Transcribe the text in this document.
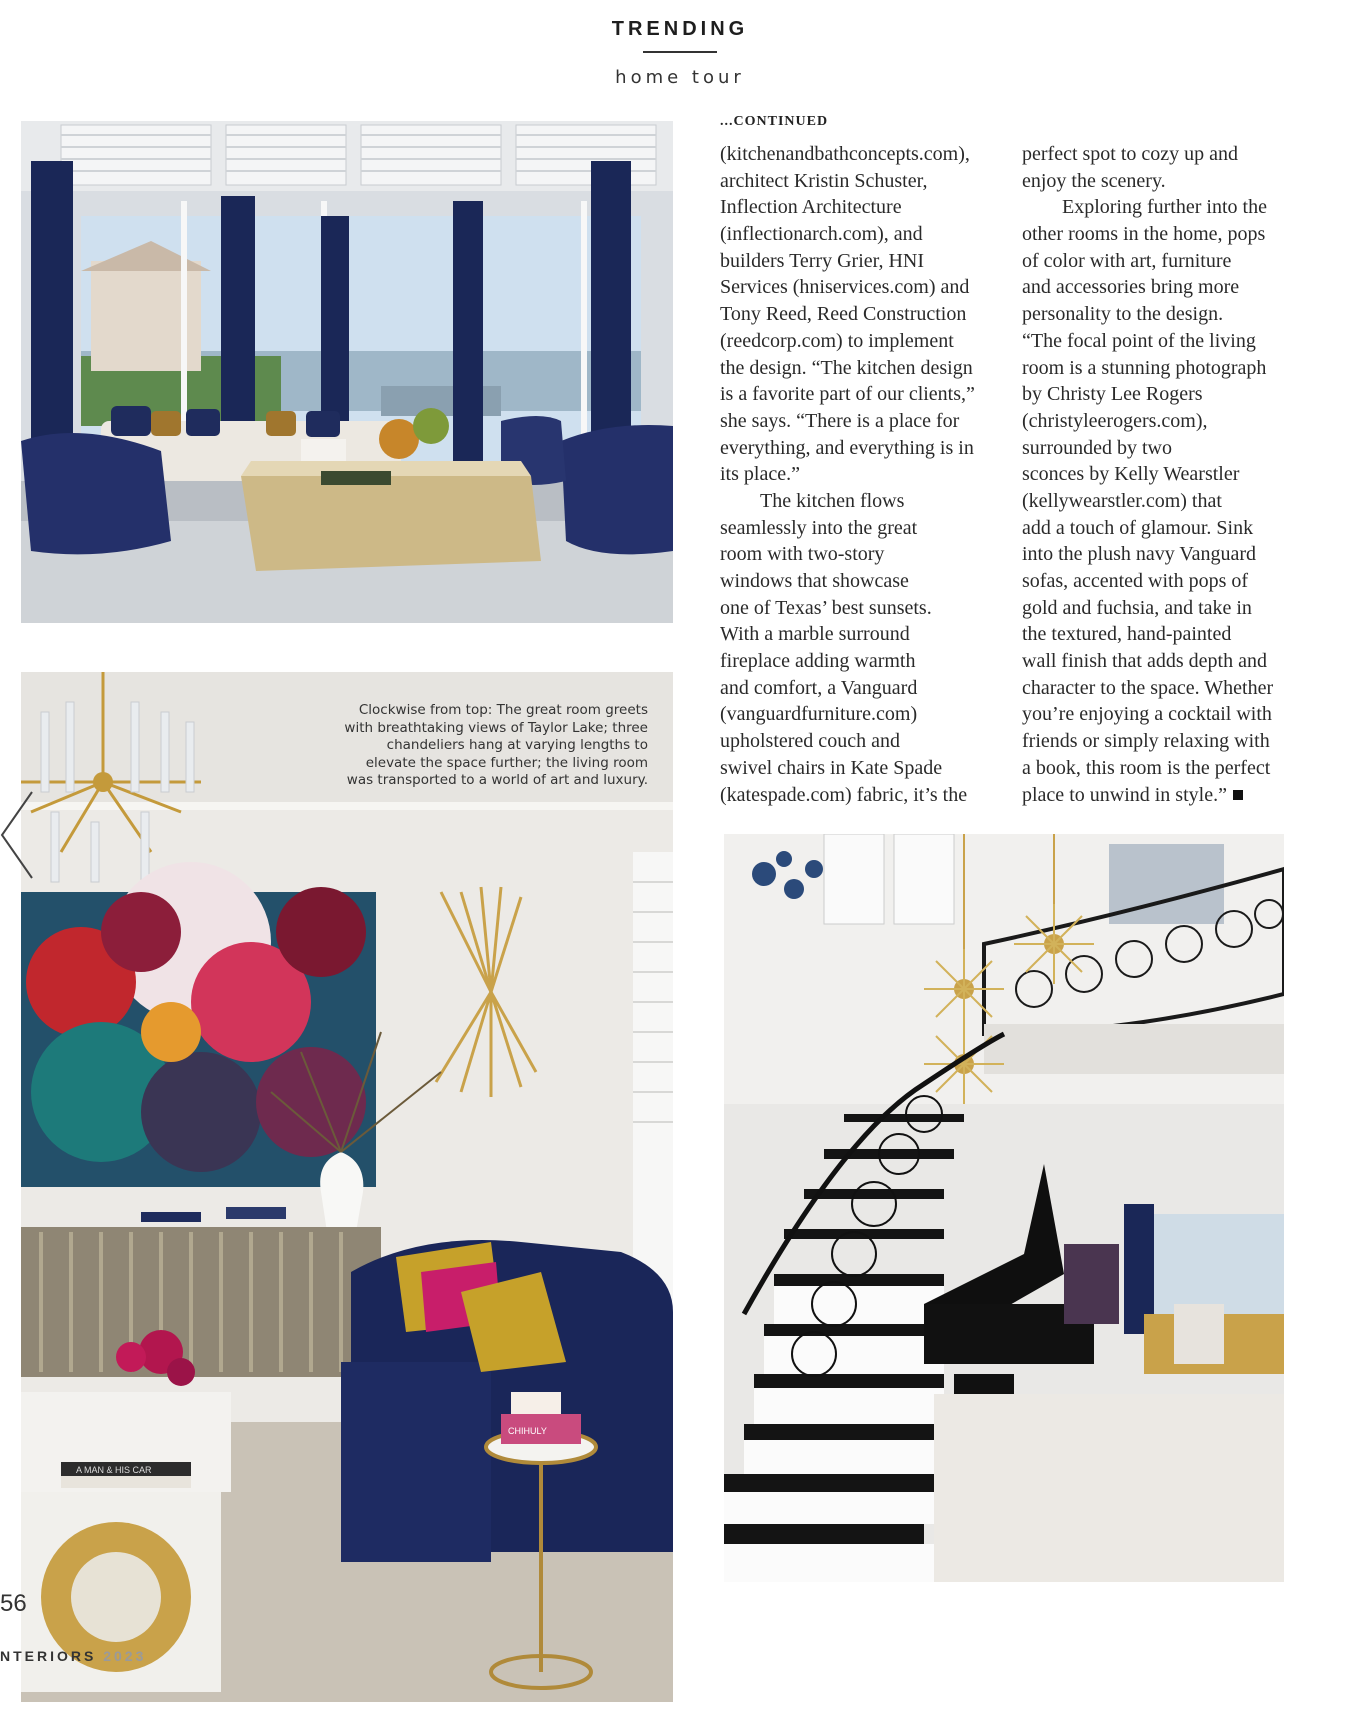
TRENDING
home tour
A MAN & HIS CAR
CHIHULY
Clockwise from top: The great room greets with breathtaking views of Taylor Lake; three chandeliers hang at varying lengths to elevate the space further; the living room was transported to a world of art and luxury.
...CONTINUED
(kitchenandbathconcepts.com),
architect Kristin Schuster,
Inflection Architecture
(inflectionarch.com), and
builders Terry Grier, HNI
Services (hniservices.com) and
Tony Reed, Reed Construction
(reedcorp.com) to implement
the design. “The kitchen design
is a favorite part of our clients,”
she says. “There is a place for
everything, and everything is in
its place.”
The kitchen flows
seamlessly into the great
room with two-story
windows that showcase
one of Texas’ best sunsets.
With a marble surround
fireplace adding warmth
and comfort, a Vanguard
(vanguardfurniture.com)
upholstered couch and
swivel chairs in Kate Spade
(katespade.com) fabric, it’s the
perfect spot to cozy up and
enjoy the scenery.
Exploring further into the
other rooms in the home, pops
of color with art, furniture
and accessories bring more
personality to the design.
“The focal point of the living
room is a stunning photograph
by Christy Lee Rogers
(christyleerogers.com),
surrounded by two
sconces by Kelly Wearstler
(kellywearstler.com) that
add a touch of glamour. Sink
into the plush navy Vanguard
sofas, accented with pops of
gold and fuchsia, and take in
the textured, hand-painted
wall finish that adds depth and
character to the space. Whether
you’re enjoying a cocktail with
friends or simply relaxing with
a book, this room is the perfect
place to unwind in style.”
56
NTERIORS 2023
